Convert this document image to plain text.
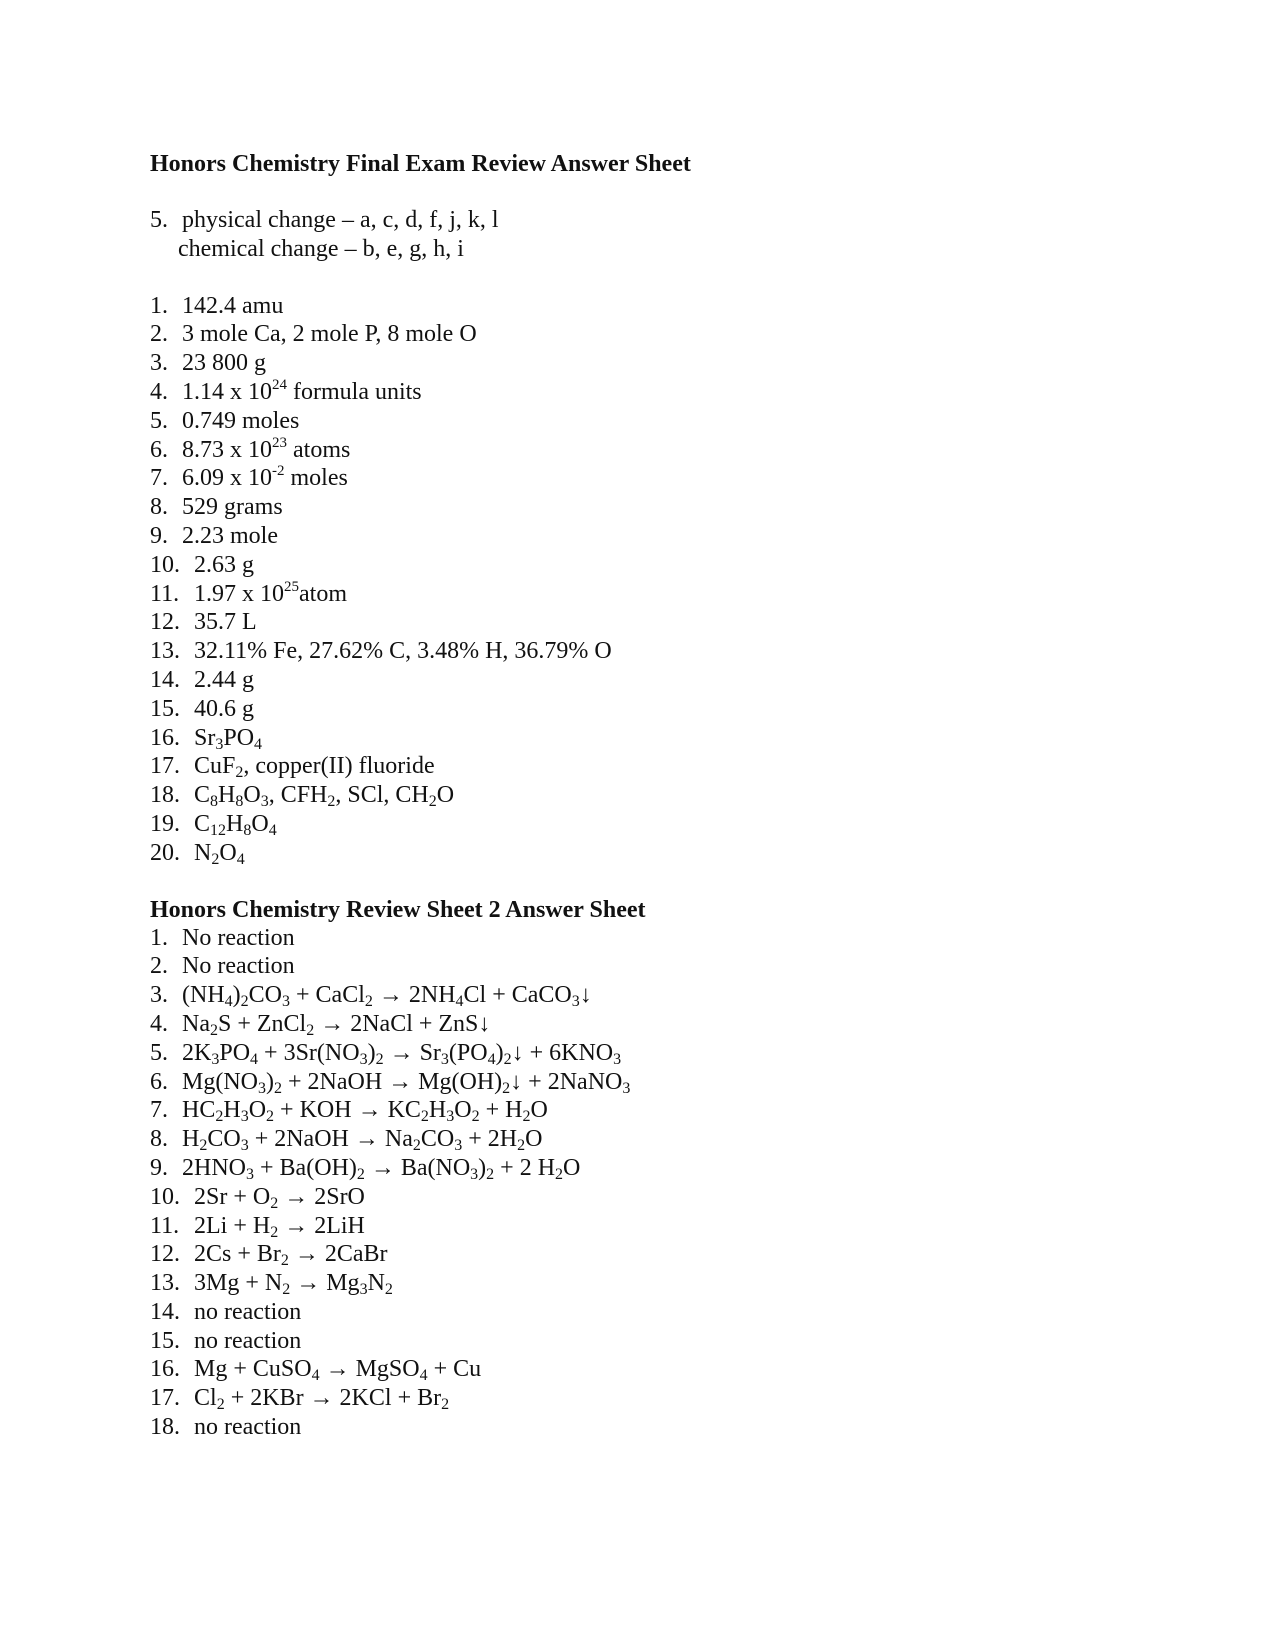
Honors Chemistry Final Exam Review Answer Sheet
5. physical change – a, c, d, f, j, k, l
chemical change – b, e, g, h, i
1. 142.4 amu
2. 3 mole Ca, 2 mole P, 8 mole O
3. 23 800 g
4. 1.14 x $10^{24}$ formula units
5. 0.749 moles
6. 8.73 x $10^{23}$ atoms
7. 6.09 x $10^{-2}$ moles
8. 529 grams
9. 2.23 mole
10. 2.63 g
11. 1.97 x $10^{25}atom$
12. 35.7 L
13. 32.11% Fe, 27.62% C, 3.48% H, 36.79% O
14. 2.44 g
15. 40.6 g
16. $Sr_3PO_4$
17. CuF$_2$, copper(II) fluoride
18. $C_8H_8O_3$, $CFH_2$, SCl, $CH_2O$
19. $C_{12}H_8O_4$
20. $N_2O_4$
Honors Chemistry Review Sheet 2 Answer Sheet
1. No reaction
2. No reaction
3. $(NH_4)_2CO_3$ + CaCl$_2$ → $2NH_4Cl$ + CaCO$_3$↓
4. $Na_2S$ + ZnCl$_2$ → 2NaCl + ZnS↓
5. $2K_3PO_4 + 3Sr(NO_3)_2$ → $Sr_3(PO_4)_2↓ + 6KNO_3$
6. $Mg(NO_3)_2$ + 2NaOH → $Mg(OH)_2↓$ + 2NaNO$_3$
7. $HC_2H_3O_2$ + KOH → $KC_2H_3O_2 + H_2O$
8. $H_2CO_3$ + 2NaOH → $Na_2CO_3 + 2H_2O$
9. $2HNO_3 + Ba(OH)_2 \to Ba(NO_3)_2 + 2$ $H_2O$
10. $2Sr + O_2 \to 2SrO$
11. $2Li + H_2 \to 2LiH$
12. $2Cs + Br_2$ → 2CaBr
13. $3Mg + N_2 \to Mg_3N_2$
14. no reaction
15. no reaction
16. Mg + CuSO$_4$ → MgSO$_4$ + Cu
17. $Cl_2 + 2KBr \to 2KCl + Br_2$
18. no reaction
